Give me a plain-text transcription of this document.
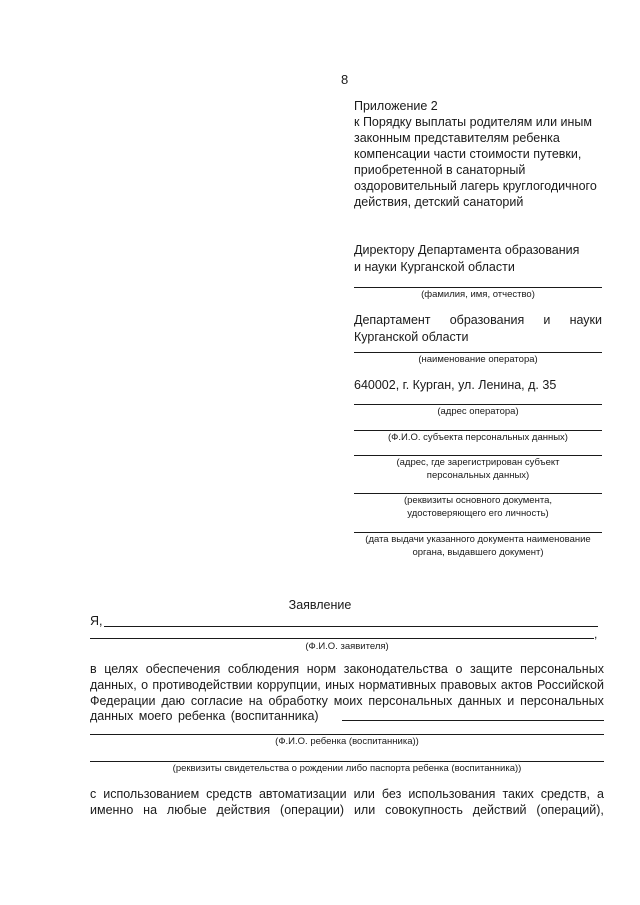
8
Приложение 2
к Порядку выплаты родителям или иным
законным представителям ребенка
компенсации части стоимости путевки,
приобретенной в санаторный
оздоровительный лагерь круглогодичного
действия, детский санаторий
Директору Департамента образования
и науки Курганской области
(фамилия, имя, отчество)
Департамент образования и науки
Курганской области
(наименование оператора)
640002, г. Курган, ул. Ленина, д. 35
(адрес оператора)
(Ф.И.О. субъекта персональных данных)
(адрес, где зарегистрирован субъект
персональных данных)
(реквизиты основного документа,
удостоверяющего его личность)
(дата выдачи указанного документа наименование
органа, выдавшего документ)
Заявление
Я,
,
(Ф.И.О. заявителя)
в целях обеспечения соблюдения норм законодательства о защите персональных
данных, о противодействии коррупции, иных нормативных правовых актов Российской
Федерации даю согласие на обработку моих персональных данных и персональных
данных моего ребенка (воспитанника)
(Ф.И.О. ребенка (воспитанника))
(реквизиты свидетельства о рождении либо паспорта ребенка (воспитанника))
с использованием средств автоматизации или без использования таких средств, а
именно на любые действия (операции) или совокупность действий (операций),
